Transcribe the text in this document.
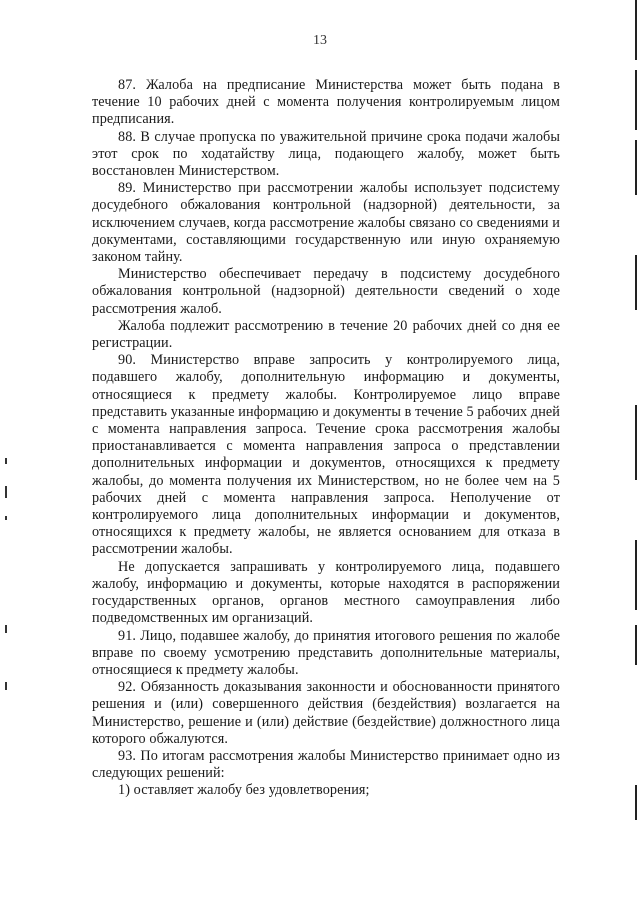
13

87. Жалоба на предписание Министерства может быть подана в течение 10 рабочих дней с момента получения контролируемым лицом предписания.

88. В случае пропуска по уважительной причине срока подачи жалобы этот срок по ходатайству лица, подающего жалобу, может быть восстановлен Министерством.

89. Министерство при рассмотрении жалобы использует подсистему досудебного обжалования контрольной (надзорной) деятельности, за исключением случаев, когда рассмотрение жалобы связано со сведениями и документами, составляющими государственную или иную охраняемую законом тайну.

Министерство обеспечивает передачу в подсистему досудебного обжалования контрольной (надзорной) деятельности сведений о ходе рассмотрения жалоб.

Жалоба подлежит рассмотрению в течение 20 рабочих дней со дня ее регистрации.

90. Министерство вправе запросить у контролируемого лица, подавшего жалобу, дополнительную информацию и документы, относящиеся к предмету жалобы. Контролируемое лицо вправе представить указанные информацию и документы в течение 5 рабочих дней с момента направления запроса. Течение срока рассмотрения жалобы приостанавливается с момента направления запроса о представлении дополнительных информации и документов, относящихся к предмету жалобы, до момента получения их Министерством, но не более чем на 5 рабочих дней с момента направления запроса. Неполучение от контролируемого лица дополнительных информации и документов, относящихся к предмету жалобы, не является основанием для отказа в рассмотрении жалобы.

Не допускается запрашивать у контролируемого лица, подавшего жалобу, информацию и документы, которые находятся в распоряжении государственных органов, органов местного самоуправления либо подведомственных им организаций.

91. Лицо, подавшее жалобу, до принятия итогового решения по жалобе вправе по своему усмотрению представить дополнительные материалы, относящиеся к предмету жалобы.

92. Обязанность доказывания законности и обоснованности принятого решения и (или) совершенного действия (бездействия) возлагается на Министерство, решение и (или) действие (бездействие) должностного лица которого обжалуются.

93. По итогам рассмотрения жалобы Министерство принимает одно из следующих решений:

1) оставляет жалобу без удовлетворения;
